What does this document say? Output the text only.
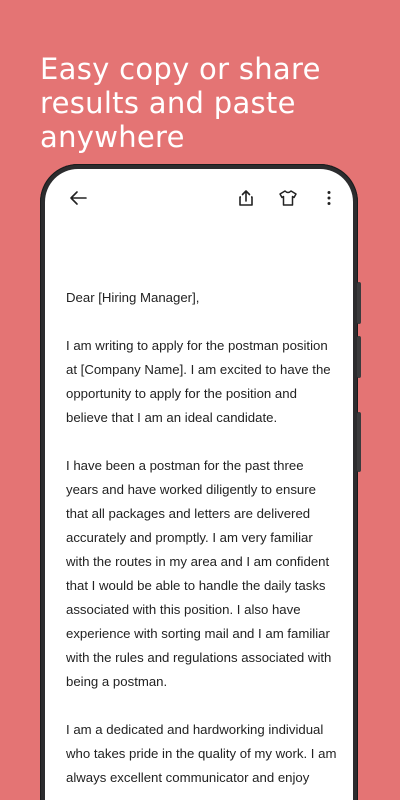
Easy copy or share
results and paste
anywhere

Dear [Hiring Manager],

I am writing to apply for the postman position at [Company Name]. I am excited to have the opportunity to apply for the position and believe that I am an ideal candidate.

I have been a postman for the past three years and have worked diligently to ensure that all packages and letters are delivered accurately and promptly. I am very familiar with the routes in my area and I am confident that I would be able to handle the daily tasks associated with this position. I also have experience with sorting mail and I am familiar with the rules and regulations associated with being a postman.

I am a dedicated and hardworking individual who takes pride in the quality of my work. I am always excellent communicator and enjoy
